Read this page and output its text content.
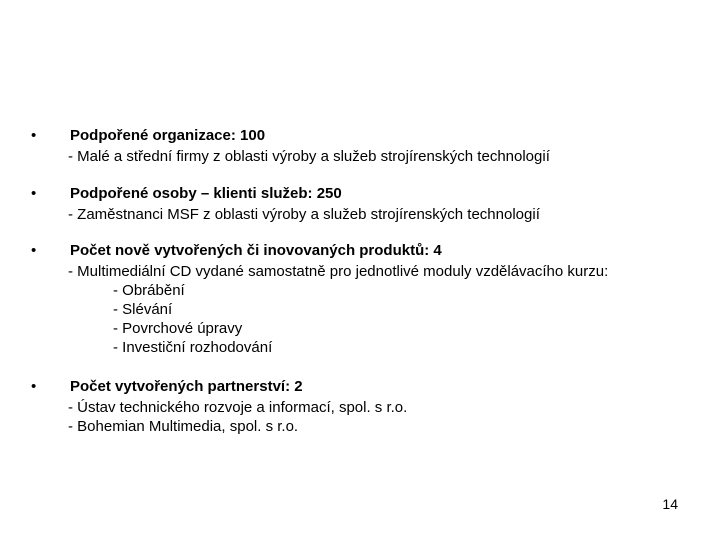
• Podpořené organizace: 100
- Malé a střední firmy z oblasti výroby a služeb strojírenských technologií
• Podpořené osoby – klienti služeb: 250
- Zaměstnanci MSF z oblasti výroby a služeb strojírenských technologií
• Počet nově vytvořených či inovovaných produktů: 4
- Multimediální CD vydané samostatně pro jednotlivé moduly vzdělávacího kurzu:
- Obrábění
- Slévání
- Povrchové úpravy
- Investiční rozhodování
• Počet vytvořených partnerství: 2
- Ústav technického rozvoje a informací, spol. s r.o.
- Bohemian Multimedia, spol. s r.o.
14
